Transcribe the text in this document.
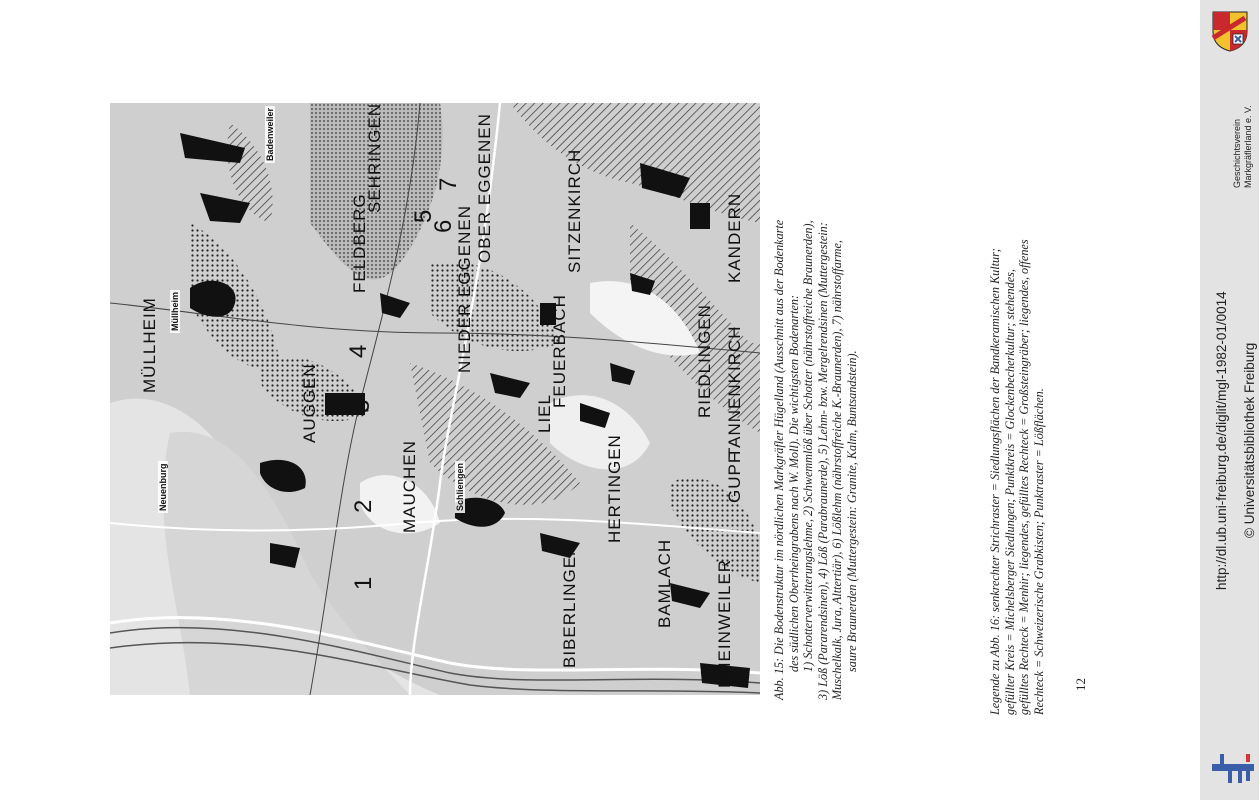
MÜLLHEIM
AUGGEN
MAUCHEN
FELDBERG	NIEDER EGGENEN
OBER EGGENEN
SEHRINGEN	SITZENKIRCH
FEUERBACH	RIEDLINGEN
KANDERN
TANNENKIRCH
LIEL
HERTINGEN	GUPF
BAMLACH
BIBERLINGEN	RHEINWEILER
Neuenburg
Müllheim
Badenweiler
Schliengen
1
2
3
4
5
6
7
Abb. 15: Die Bodenstruktur im nördlichen Markgräfler Hügelland (Ausschnitt aus der Bodenkarte des südlichen Oberrheingrabens nach W. Moll). Die wichtigsten Bodenarten: 1) Schotterverwitterungslehme, 2) Schwemmlöß über Schotter (nährstoffreiche Braunerden), 3) Löß (Pararendsinen), 4) Löß (Parabraunerde), 5) Lehm- bzw. Mergelrendsinen (Muttergestein: Muschelkalk, Jura, Alttertiär), 6) Lößlehm (nährstoffreiche K.-Braunerden), 7) nährstoffarme, saure Braunerden (Muttergestein: Granite, Kalm, Buntsandstein).	Legende zu Abb. 16: senkrechter Strichraster = Siedlungsflächen der Bandkeramischen Kultur; gefüllter Kreis = Michelsberger Siedlungen; Punktkreis = Glockenbecherkultur; stehendes, gefülltes Rechteck = Menhir; liegendes, gefülltes Rechteck = Großsteingräber; liegendes, offenes Rechteck = Schweizerische Grabkisten; Punktraster = Lößflächen. 12
Geschichtsverein Markgräflerland e. V.
http://dl.ub.uni-freiburg.de/diglit/mgl-1982-01/0014 © Universitätsbibliothek Freiburg
